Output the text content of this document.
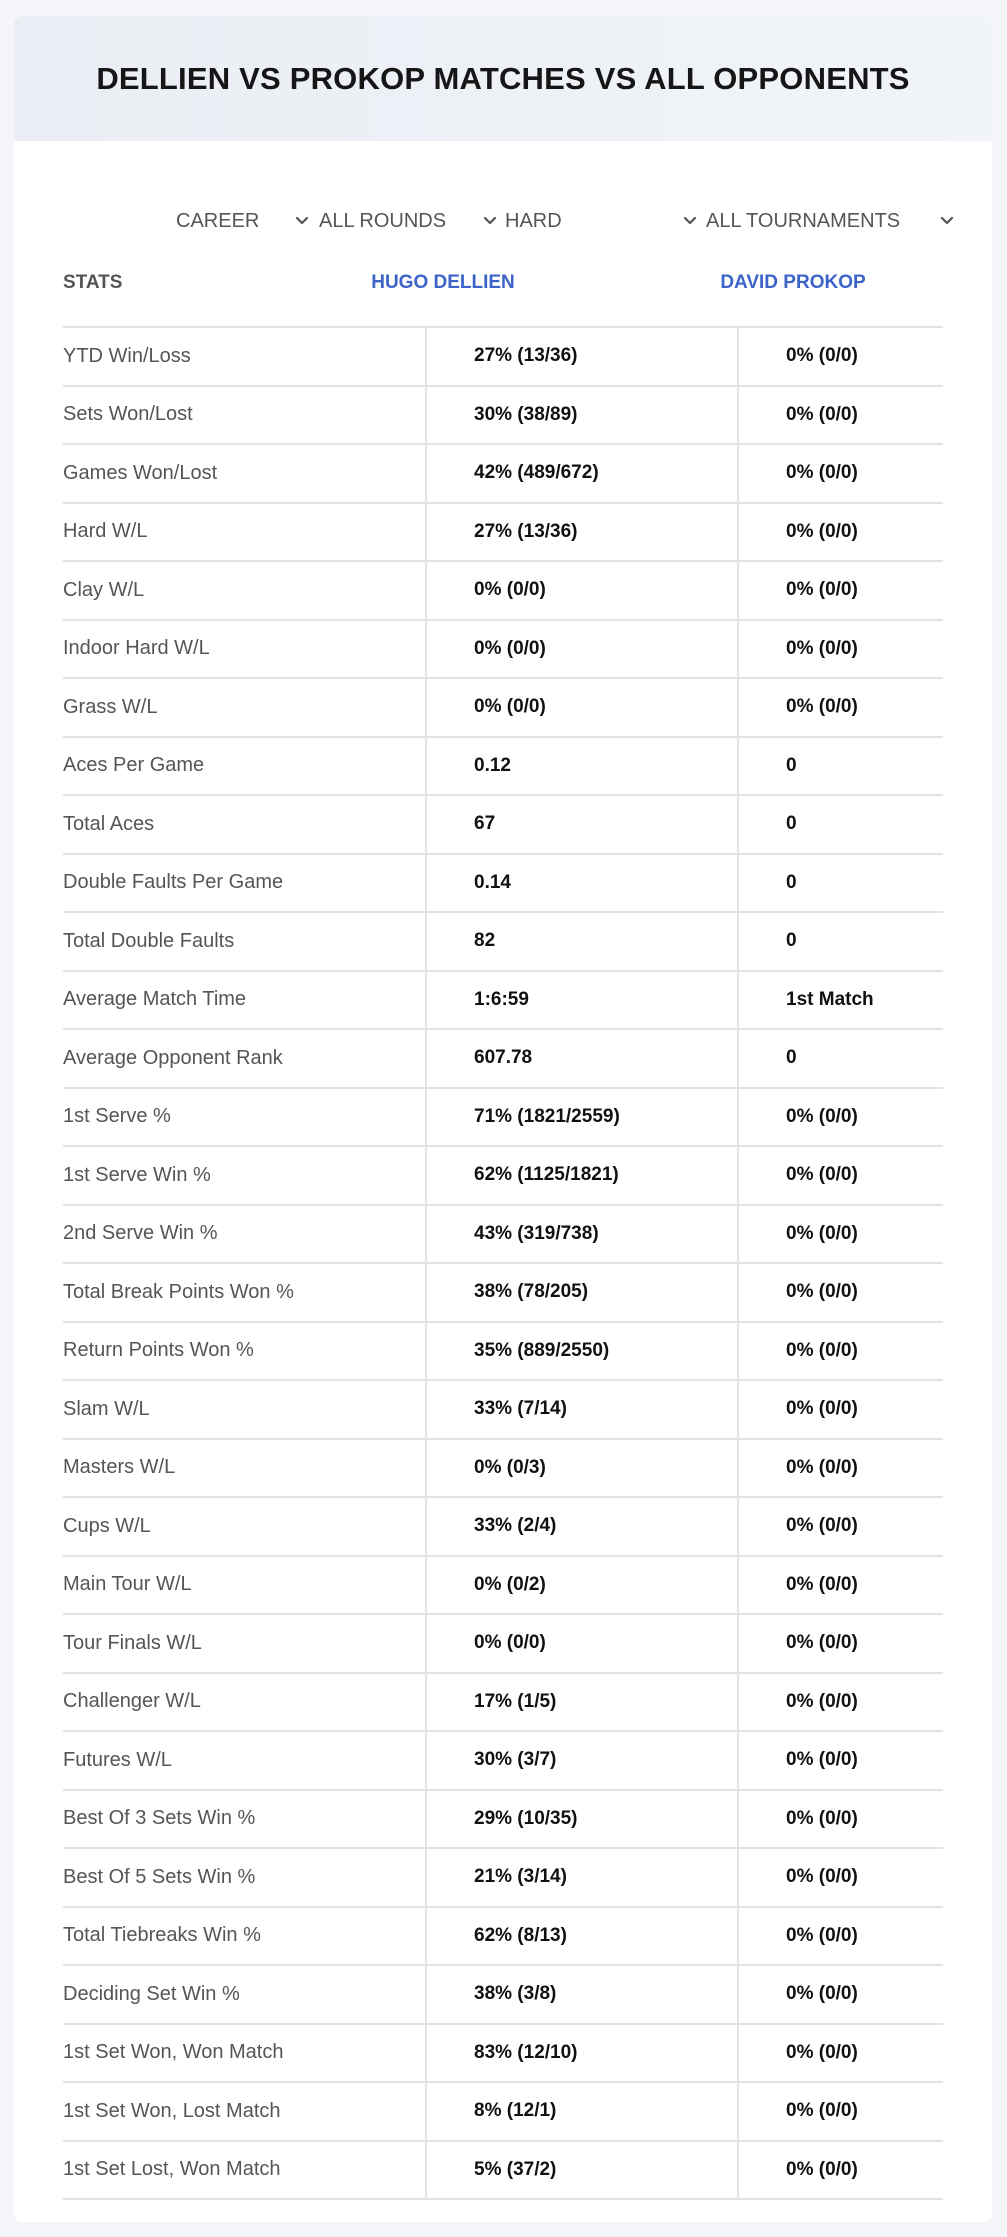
DELLIEN VS PROKOP MATCHES VS ALL OPPONENTS
CAREER	ALL ROUNDS	HARD	ALL TOURNAMENTS
STATS	HUGO DELLIEN	DAVID PROKOP
YTD Win/Loss	27% (13/36)	0% (0/0)
Sets Won/Lost	30% (38/89)	0% (0/0)
Games Won/Lost	42% (489/672)	0% (0/0)
Hard W/L	27% (13/36)	0% (0/0)
Clay W/L	0% (0/0)	0% (0/0)
Indoor Hard W/L	0% (0/0)	0% (0/0)
Grass W/L	0% (0/0)	0% (0/0)
Aces Per Game	0.12	0
Total Aces	67	0
Double Faults Per Game	0.14	0
Total Double Faults	82	0
Average Match Time	1:6:59	1st Match
Average Opponent Rank	607.78	0
1st Serve %	71% (1821/2559)	0% (0/0)
1st Serve Win %	62% (1125/1821)	0% (0/0)
2nd Serve Win %	43% (319/738)	0% (0/0)
Total Break Points Won %	38% (78/205)	0% (0/0)
Return Points Won %	35% (889/2550)	0% (0/0)
Slam W/L	33% (7/14)	0% (0/0)
Masters W/L	0% (0/3)	0% (0/0)
Cups W/L	33% (2/4)	0% (0/0)
Main Tour W/L	0% (0/2)	0% (0/0)
Tour Finals W/L	0% (0/0)	0% (0/0)
Challenger W/L	17% (1/5)	0% (0/0)
Futures W/L	30% (3/7)	0% (0/0)
Best Of 3 Sets Win %	29% (10/35)	0% (0/0)
Best Of 5 Sets Win %	21% (3/14)	0% (0/0)
Total Tiebreaks Win %	62% (8/13)	0% (0/0)
Deciding Set Win %	38% (3/8)	0% (0/0)
1st Set Won, Won Match	83% (12/10)	0% (0/0)
1st Set Won, Lost Match	8% (12/1)	0% (0/0)
1st Set Lost, Won Match	5% (37/2)	0% (0/0)
